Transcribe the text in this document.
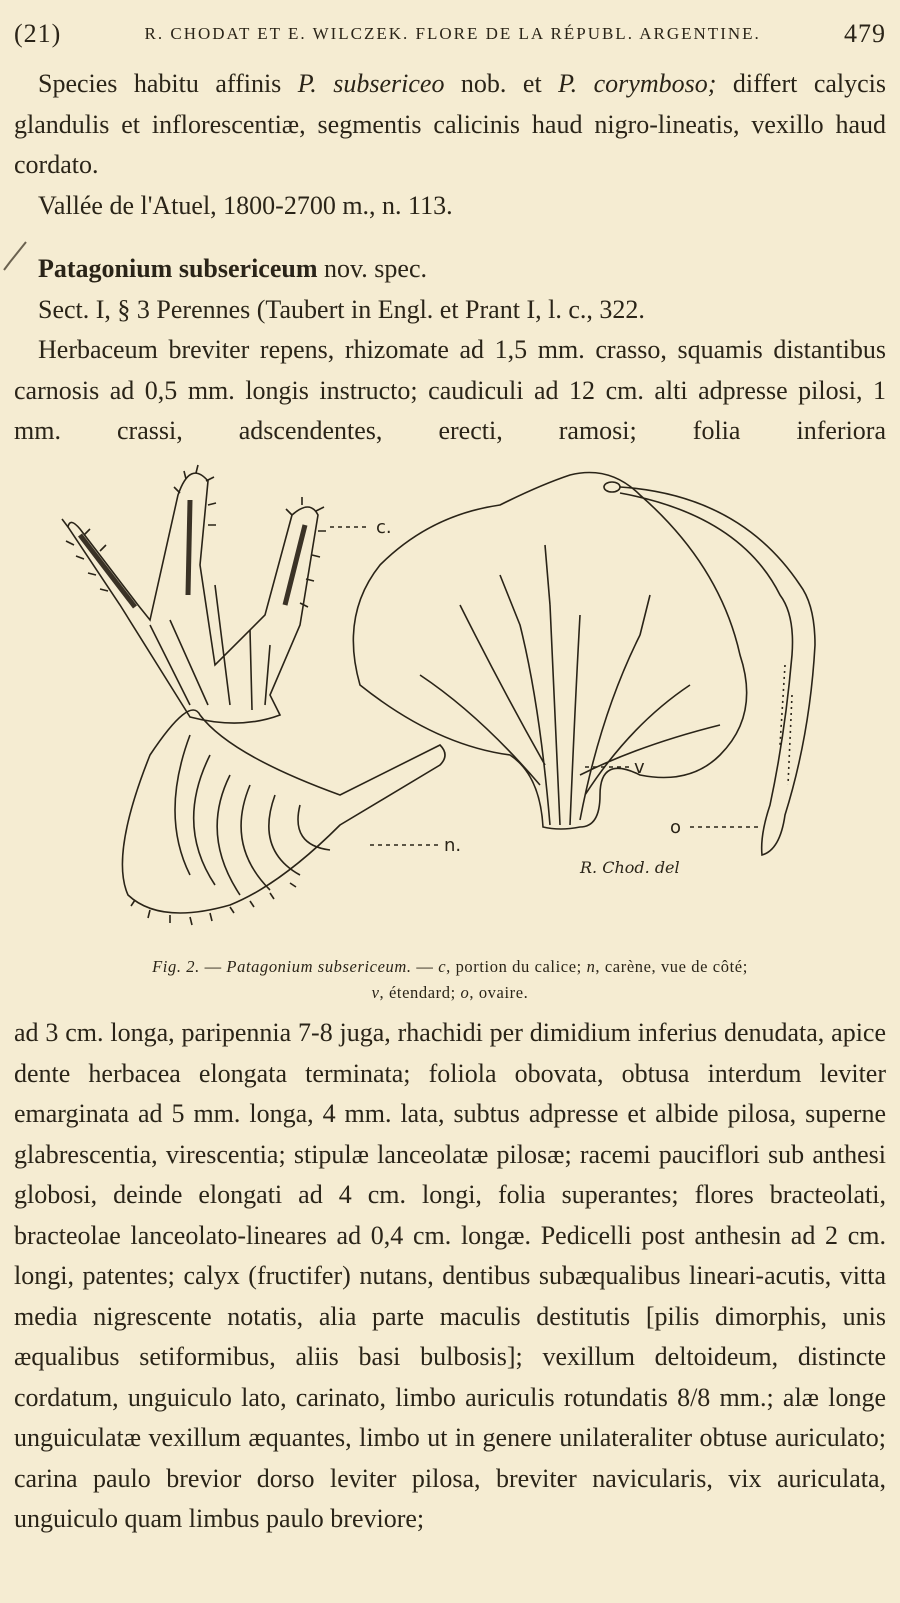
(21)	R. CHODAT ET E. WILCZEK. FLORE DE LA RÉPUBL. ARGENTINE.	479

Species habitu affinis P. subsericeo nob. et P. corymboso; differt calycis glandulis et inflorescentiæ, segmentis calicinis haud nigro-lineatis, vexillo haud cordato.

Vallée de l'Atuel, 1800-2700 m., n. 113.

Patagonium subsericeum nov. spec.

Sect. I, § 3 Perennes (Taubert in Engl. et Prant I, l. c., 322.

Herbaceum breviter repens, rhizomate ad 1,5 mm. crasso, squamis distantibus carnosis ad 0,5 mm. longis instructo; caudiculi ad 12 cm. alti adpresse pilosi, 1 mm. crassi, adscendentes, erecti, ramosi; folia inferiora

c.
v
n.
o
R. Chod. del
Fig. 2. — Patagonium subsericeum. — c, portion du calice; n, carène, vue de côté;
v, étendard; o, ovaire.

ad 3 cm. longa, paripennia 7-8 juga, rhachidi per dimidium inferius denudata, apice dente herbacea elongata terminata; foliola obovata, obtusa interdum leviter emarginata ad 5 mm. longa, 4 mm. lata, subtus adpresse et albide pilosa, superne glabrescentia, virescentia; stipulæ lanceolatæ pilosæ; racemi pauciflori sub anthesi globosi, deinde elongati ad 4 cm. longi, folia superantes; flores bracteolati, bracteolae lanceolato-lineares ad 0,4 cm. longæ. Pedicelli post anthesin ad 2 cm. longi, patentes; calyx (fructifer) nutans, dentibus subæqualibus lineari-acutis, vitta media nigrescente notatis, alia parte maculis destitutis [pilis dimorphis, unis æqualibus setiformibus, aliis basi bulbosis]; vexillum deltoideum, distincte cordatum, unguiculo lato, carinato, limbo auriculis rotundatis 8/8 mm.; alæ longe unguiculatæ vexillum æquantes, limbo ut in genere unilateraliter obtuse auriculato; carina paulo brevior dorso leviter pilosa, breviter navicularis, vix auriculata, unguiculo quam limbus paulo breviore;
